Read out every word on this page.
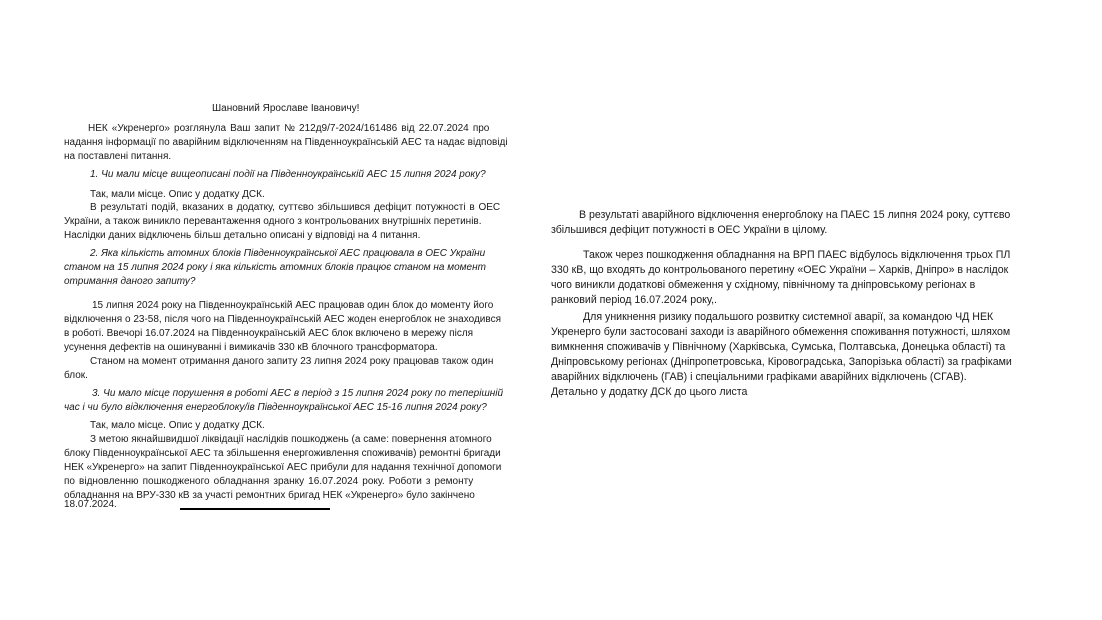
Шановний Ярославе Івановичу!

НЕК «Укренерго» розглянула Ваш запит № 212д9/7-2024/161486 від 22.07.2024 про

надання інформації по аварійним відключенням на Південноукраїнській АЕС та надає відповіді

на поставлені питання.

1. Чи мали місце вищеописані події на Південноукраїнській АЕС 15 липня 2024 року?

Так, мали місце. Опис у додатку ДСК.

В результаті подій, вказаних в додатку, суттєво збільшився дефіцит потужності в ОЕС

України, а також виникло перевантаження одного з контрольованих внутрішніх перетинів.

Наслідки даних відключень більш детально описані у відповіді на 4 питання.

2. Яка кількість атомних блоків Південноукраїнської АЕС працювала в ОЕС України

станом на 15 липня 2024 року і яка кількість атомних блоків працює станом на момент

отримання даного запиту?

15 липня 2024 року на Південноукраїнській АЕС працював один блок до моменту його

відключення о 23-58, після чого на Південноукраїнській АЕС жоден енергоблок не знаходився

в роботі. Ввечорі 16.07.2024 на Південноукраїнській АЕС блок включено в мережу після

усунення дефектів на ошинуванні і вимикачів 330 кВ блочного трансформатора.

Станом на момент отримання даного запиту 23 липня 2024 року працював також один

блок.

3. Чи мало місце порушення в роботі АЕС в період з 15 липня 2024 року по теперішній

час і чи було відключення енергоблоку/ів Південноукраїнської АЕС 15-16 липня 2024 року?

Так, мало місце. Опис у додатку ДСК.

З метою якнайшвидшої ліквідації наслідків пошкоджень (а саме: повернення атомного

блоку Південноукраїнської АЕС та збільшення енергоживлення споживачів) ремонтні бригади

НЕК «Укренерго» на запит Південноукраїнської АЕС прибули для надання технічної допомоги

по відновленню пошкодженого обладнання зранку 16.07.2024 року. Роботи з ремонту

обладнання на ВРУ-330 кВ за участі ремонтних бригад НЕК «Укренерго» було закінчено

18.07.2024.

В результаті аварійного відключення енергоблоку на ПАЕС 15 липня 2024 року, суттєво

збільшився дефіцит потужності в ОЕС України в цілому.

Також через пошкодження обладнання на ВРП ПАЕС відбулось відключення трьох ПЛ

330 кВ, що входять до контрольованого перетину «ОЕС України – Харків, Дніпро» в наслідок

чого виникли додаткові обмеження у східному, північному та дніпровському регіонах в

ранковий період 16.07.2024 року,.

Для уникнення ризику подальшого розвитку системної аварії, за командою ЧД НЕК

Укренерго були застосовані заходи із аварійного обмеження споживання потужності, шляхом

вимкнення споживачів у Північному (Харківська, Сумська, Полтавська, Донецька області) та

Дніпровському регіонах (Дніпропетровська, Кіровоградська, Запорізька області) за графіками

аварійних відключень (ГАВ) і спеціальними графіками аварійних відключень (СГАВ).

Детально у додатку ДСК до цього листа
